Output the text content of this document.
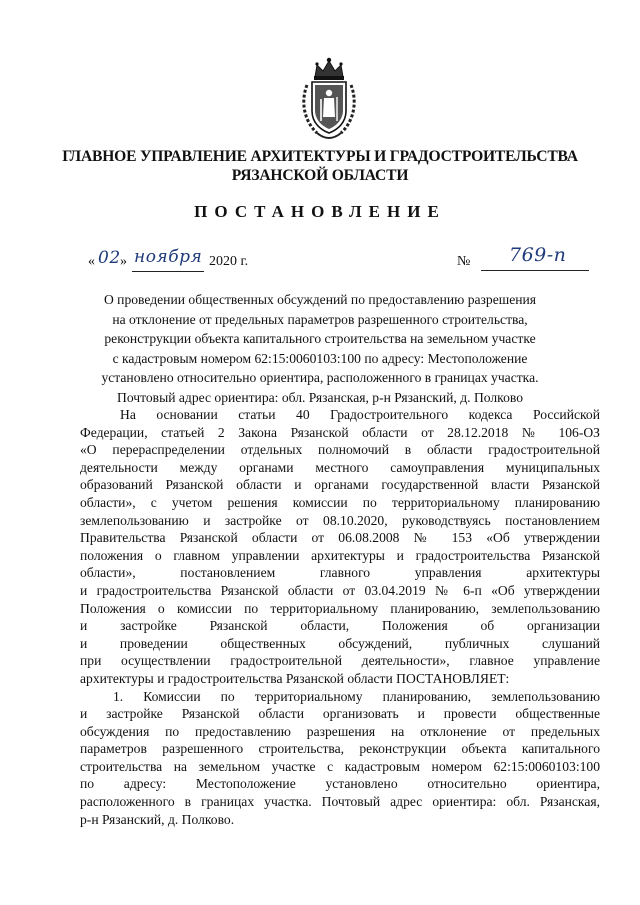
ГЛАВНОЕ УПРАВЛЕНИЕ АРХИТЕКТУРЫ И ГРАДОСТРОИТЕЛЬСТВА
РЯЗАНСКОЙ ОБЛАСТИ
ПОСТАНОВЛЕНИЕ
« 02 » ноября 2020 г.	№ 769-п
О проведении общественных обсуждений по предоставлению разрешения
на отклонение от предельных параметров разрешенного строительства,
реконструкции объекта капитального строительства на земельном участке
с кадастровым номером 62:15:0060103:100 по адресу: Местоположение
установлено относительно ориентира, расположенного в границах участка.
Почтовый адрес ориентира: обл. Рязанская, р-н Рязанский, д. Полково
На основании статьи 40 Градостроительного кодекса Российской
Федерации, статьей 2 Закона Рязанской области от 28.12.2018 № 106-ОЗ
«О перераспределении отдельных полномочий в области градостроительной
деятельности между органами местного самоуправления муниципальных
образований Рязанской области и органами государственной власти Рязанской
области», с учетом решения комиссии по территориальному планированию
землепользованию и застройке от 08.10.2020, руководствуясь постановлением
Правительства Рязанской области от 06.08.2008 № 153 «Об утверждении
положения о главном управлении архитектуры и градостроительства Рязанской
области», постановлением главного управления архитектуры
и градостроительства Рязанской области от 03.04.2019 № 6-п «Об утверждении
Положения о комиссии по территориальному планированию, землепользованию
и застройке Рязанской области, Положения об организации
и проведении общественных обсуждений, публичных слушаний
при осуществлении градостроительной деятельности», главное управление
архитектуры и градостроительства Рязанской области ПОСТАНОВЛЯЕТ:
1. Комиссии по территориальному планированию, землепользованию
и застройке Рязанской области организовать и провести общественные
обсуждения по предоставлению разрешения на отклонение от предельных
параметров разрешенного строительства, реконструкции объекта капитального
строительства на земельном участке с кадастровым номером 62:15:0060103:100
по адресу: Местоположение установлено относительно ориентира,
расположенного в границах участка. Почтовый адрес ориентира: обл. Рязанская,
р-н Рязанский, д. Полково.
